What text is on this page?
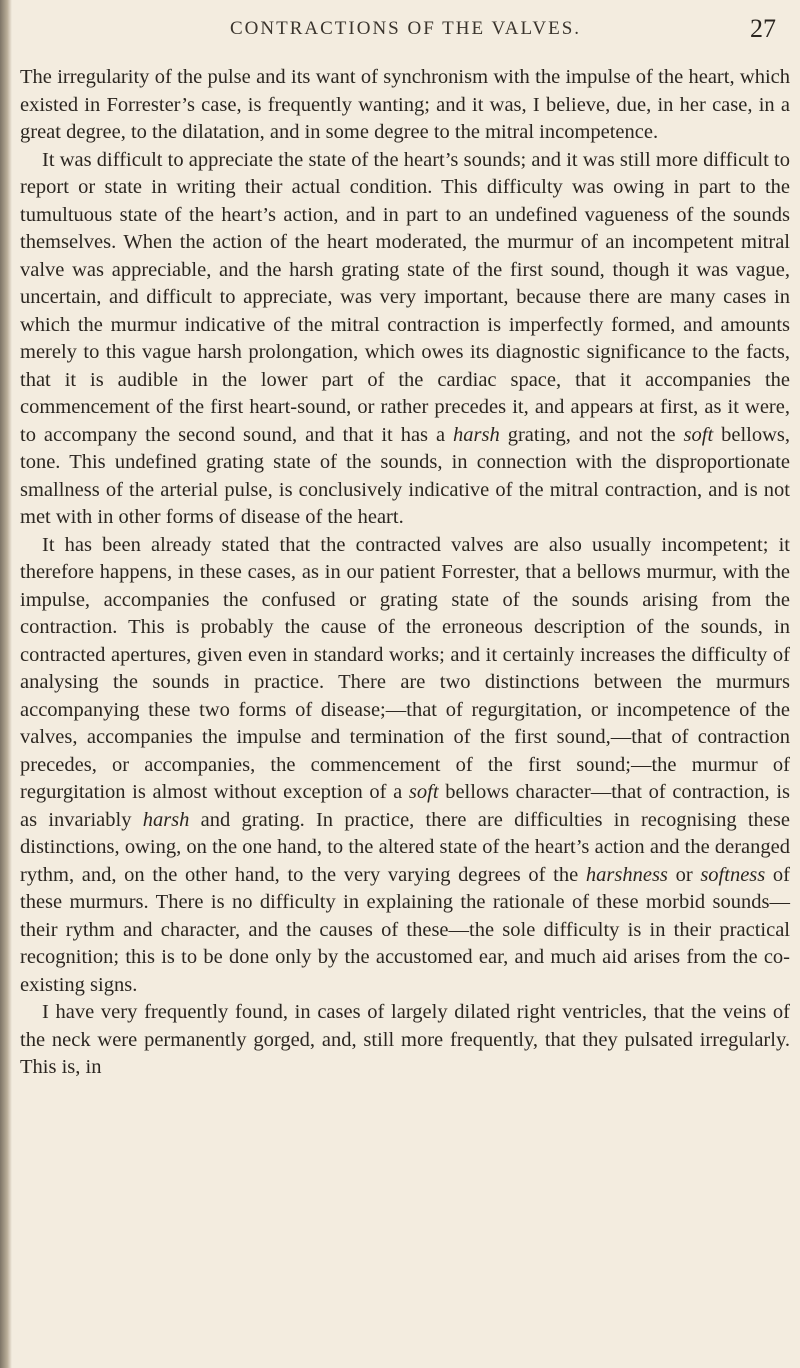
CONTRACTIONS OF THE VALVES.	27

The irregularity of the pulse and its want of synchronism with the impulse of the heart, which existed in Forrester’s case, is frequently wanting; and it was, I believe, due, in her case, in a great degree, to the dilatation, and in some degree to the mitral incompetence.

It was difficult to appreciate the state of the heart’s sounds; and it was still more difficult to report or state in writing their actual condition. This difficulty was owing in part to the tumultuous state of the heart’s action, and in part to an undefined vagueness of the sounds themselves. When the action of the heart moderated, the murmur of an incompetent mitral valve was appreciable, and the harsh grating state of the first sound, though it was vague, uncertain, and difficult to appreciate, was very important, because there are many cases in which the murmur indicative of the mitral contraction is imperfectly formed, and amounts merely to this vague harsh prolongation, which owes its diagnostic significance to the facts, that it is audible in the lower part of the cardiac space, that it accompanies the commencement of the first heart-sound, or rather precedes it, and appears at first, as it were, to accompany the second sound, and that it has a harsh grating, and not the soft bellows, tone. This undefined grating state of the sounds, in connection with the disproportionate smallness of the arterial pulse, is conclusively indicative of the mitral contraction, and is not met with in other forms of disease of the heart.

It has been already stated that the contracted valves are also usually incompetent; it therefore happens, in these cases, as in our patient Forrester, that a bellows murmur, with the impulse, accompanies the confused or grating state of the sounds arising from the contraction. This is probably the cause of the erroneous description of the sounds, in contracted apertures, given even in standard works; and it certainly increases the difficulty of analysing the sounds in practice. There are two distinctions between the murmurs accompanying these two forms of disease;—that of regurgitation, or incompetence of the valves, accompanies the impulse and termination of the first sound,—that of contraction precedes, or accompanies, the commencement of the first sound;—the murmur of regurgitation is almost without exception of a soft bellows character—that of contraction, is as invariably harsh and grating. In practice, there are difficulties in recognising these distinctions, owing, on the one hand, to the altered state of the heart’s action and the deranged rythm, and, on the other hand, to the very varying degrees of the harshness or softness of these murmurs. There is no difficulty in explaining the rationale of these morbid sounds—their rythm and character, and the causes of these—the sole difficulty is in their practical recognition; this is to be done only by the accustomed ear, and much aid arises from the co-existing signs.

I have very frequently found, in cases of largely dilated right ventricles, that the veins of the neck were permanently gorged, and, still more frequently, that they pulsated irregularly. This is, in
